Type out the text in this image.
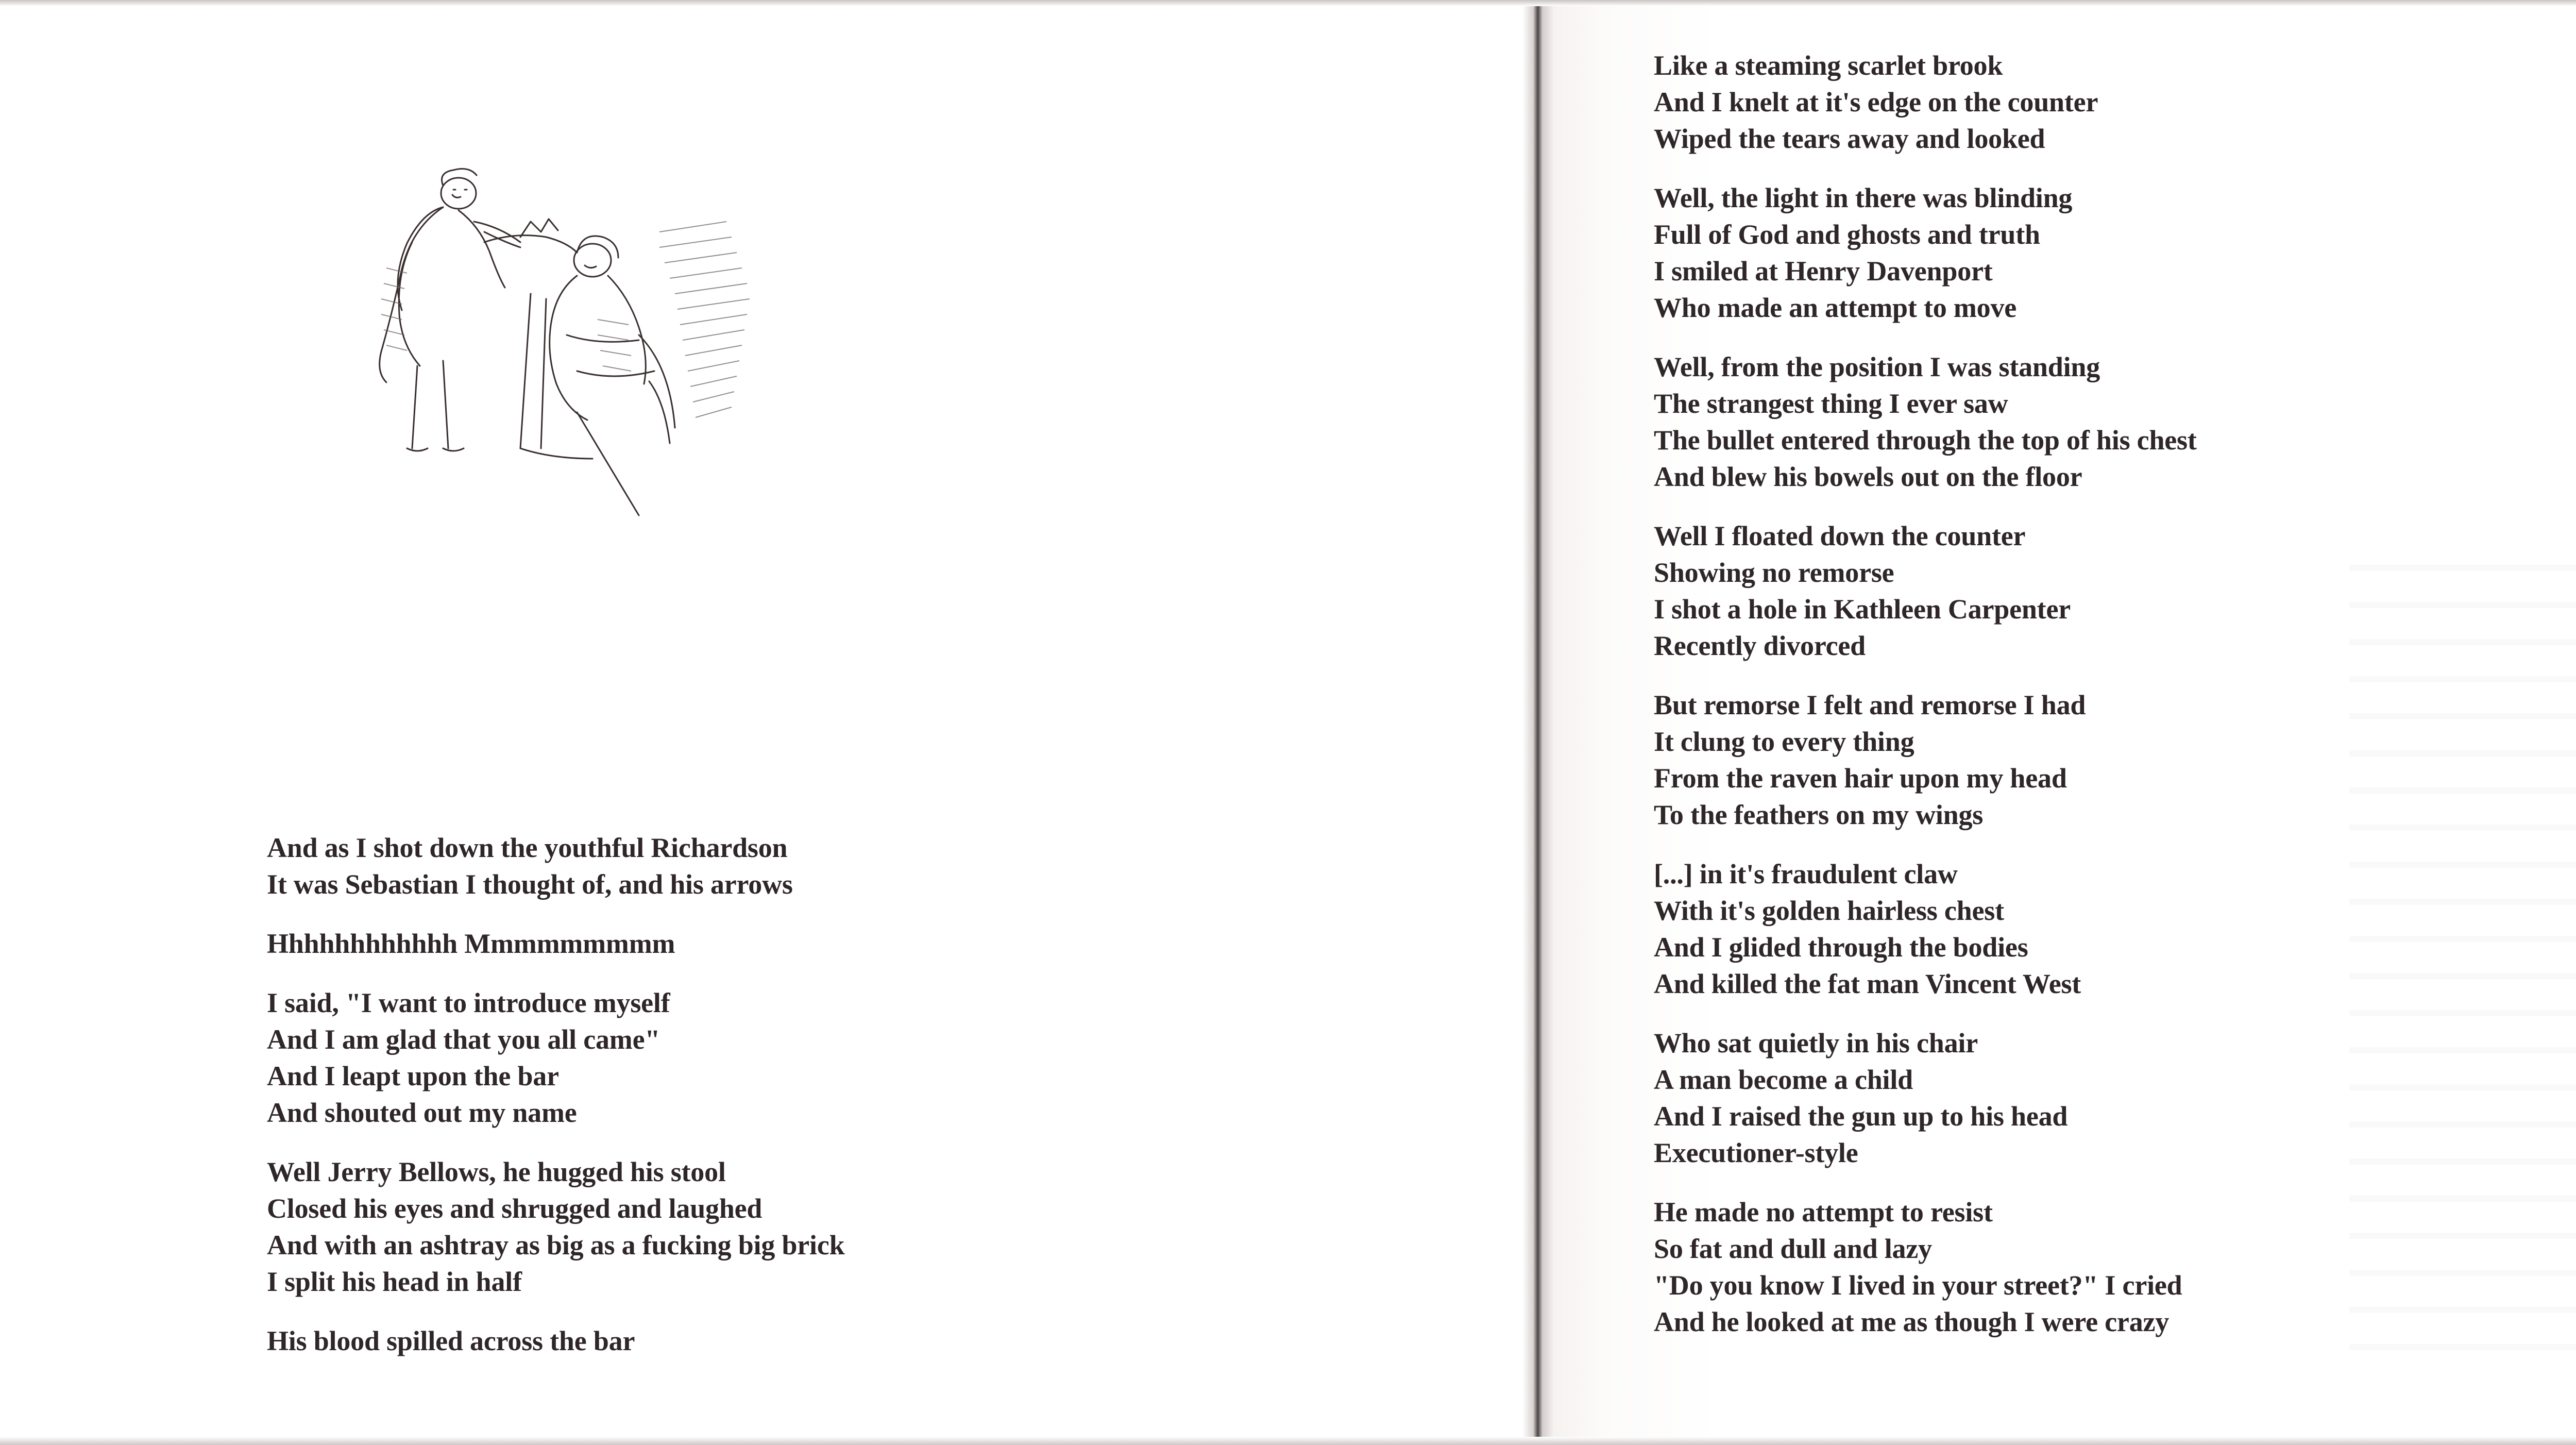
And as I shot down the youthful Richardson
It was Sebastian I thought of, and his arrows
Hhhhhhhhhhhh Mmmmmmmmm
I said, "I want to introduce myself
And I am glad that you all came"
And I leapt upon the bar
And shouted out my name
Well Jerry Bellows, he hugged his stool
Closed his eyes and shrugged and laughed
And with an ashtray as big as a fucking big brick
I split his head in half
His blood spilled across the bar
Like a steaming scarlet brook
And I knelt at it's edge on the counter
Wiped the tears away and looked
Well, the light in there was blinding
Full of God and ghosts and truth
I smiled at Henry Davenport
Who made an attempt to move
Well, from the position I was standing
The strangest thing I ever saw
The bullet entered through the top of his chest
And blew his bowels out on the floor
Well I floated down the counter
Showing no remorse
I shot a hole in Kathleen Carpenter
Recently divorced
But remorse I felt and remorse I had
It clung to every thing
From the raven hair upon my head
To the feathers on my wings
[...] in it's fraudulent claw
With it's golden hairless chest
And I glided through the bodies
And killed the fat man Vincent West
Who sat quietly in his chair
A man become a child
And I raised the gun up to his head
Executioner-style
He made no attempt to resist
So fat and dull and lazy
"Do you know I lived in your street?" I cried
And he looked at me as though I were crazy
